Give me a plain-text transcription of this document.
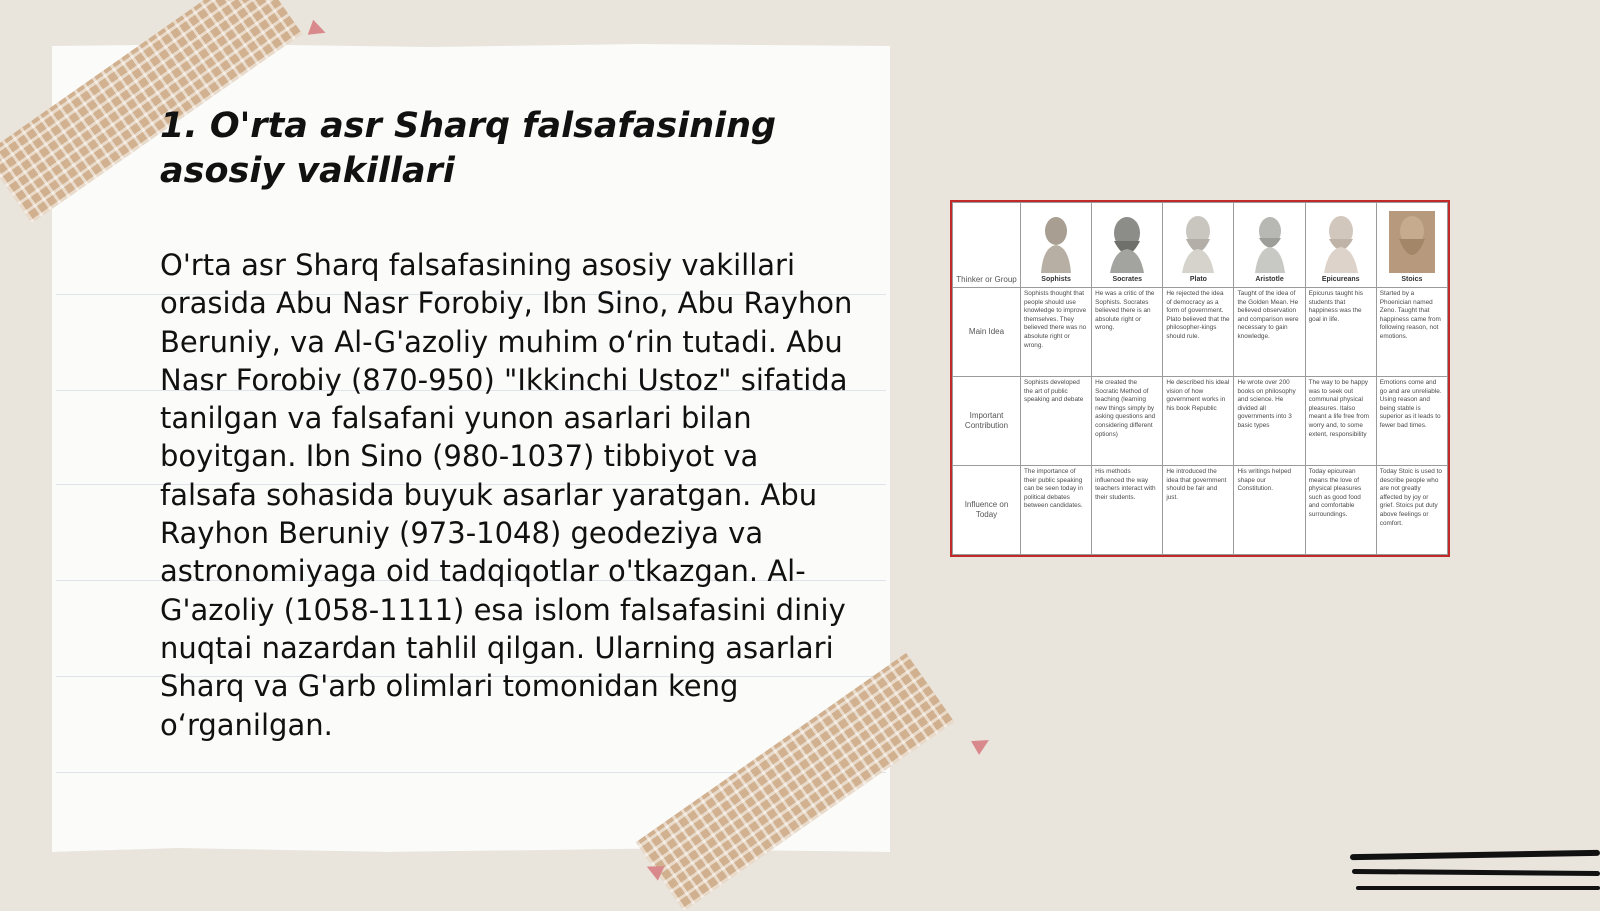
1. O'rta asr Sharq falsafasining asosiy vakillari

O'rta asr Sharq falsafasining asosiy vakillari orasida Abu Nasr Forobiy, Ibn Sino, Abu Rayhon Beruniy, va Al-G'azoliy muhim o‘rin tutadi. Abu Nasr Forobiy (870-950) "Ikkinchi Ustoz" sifatida tanilgan va falsafani yunon asarlari bilan boyitgan. Ibn Sino (980-1037) tibbiyot va falsafa sohasida buyuk asarlar yaratgan. Abu Rayhon Beruniy (973-1048) geodeziya va astronomiyaga oid tadqiqotlar o'tkazgan. Al-G'azoliy (1058-1111) esa islom falsafasini diniy nuqtai nazardan tahlil qilgan. Ularning asarlari Sharq va G'arb olimlari tomonidan keng o‘rganilgan.

Thinker or Group	Sophists	Socrates	Plato	Aristotle	Epicureans	Stoics
Main Idea	Sophists thought that people should use knowledge to improve themselves. They believed there was no absolute right or wrong.	He was a critic of the Sophists. Socrates believed there is an absolute right or wrong.	He rejected the idea of democracy as a form of government. Plato believed that the philosopher-kings should rule.	Taught of the idea of the Golden Mean. He believed observation and comparison were necessary to gain knowledge.	Epicurus taught his students that happiness was the goal in life.	Started by a Phoenician named Zeno. Taught that happiness came from following reason, not emotions.
Important Contribution	Sophists developed the art of public speaking and debate	He created the Socratic Method of teaching (learning new things simply by asking questions and considering different options)	He described his ideal vision of how government works in his book Republic	He wrote over 200 books on philosophy and science. He divided all governments into 3 basic types	The way to be happy was to seek out communal physical pleasures. Italso meant a life free from worry and, to some extent, responsibility	Emotions come and go and are unreliable. Using reason and being stable is superior as it leads to fewer bad times.
Influence on Today	The importance of their public speaking can be seen today in political debates between candidates.	His methods influenced the way teachers interact with their students.	He introduced the idea that government should be fair and just.	His writings helped shape our Constitution.	Today epicurean means the love of physical pleasures such as good food and comfortable surroundings.	Today Stoic is used to describe people who are not greatly affected by joy or grief. Stoics put duty above feelings or comfort.
